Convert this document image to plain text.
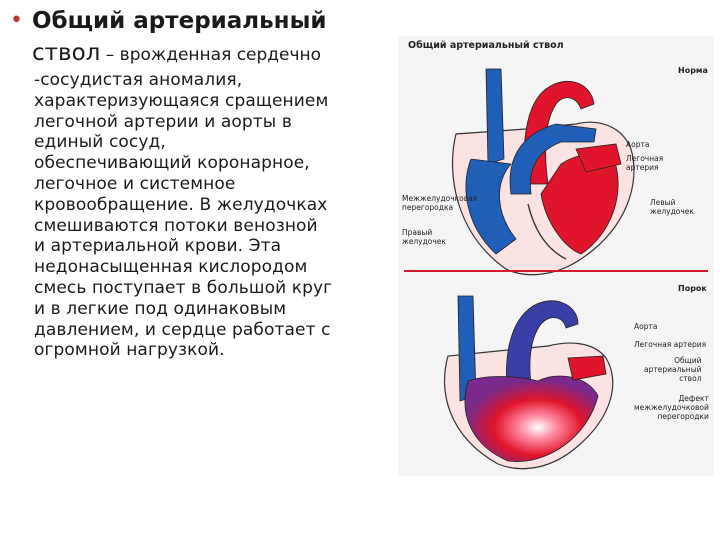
• Общий артериальный
ствол – врожденная сердечно
-сосудистая аномалия,
характеризующаяся сращением
легочной артерии и аорты в
единый сосуд,
обеспечивающий коронарное,
легочное и системное
кровообращение. В желудочках
смешиваются потоки венозной
и артериальной крови. Эта
недонасыщенная кислородом
смесь поступает в большой круг
и в легкие под одинаковым
давлением, и сердце работает с
огромной нагрузкой.
Общий артериальный ствол
Норма
Аорта
Легочная
артерия
Межжелудочковая
перегородка
Левый
желудочек
Правый
желудочек
Порок
Аорта
Легочная артерия
Общий
артериальный
ствол
Дефект
межжелудочковой
перегородки
